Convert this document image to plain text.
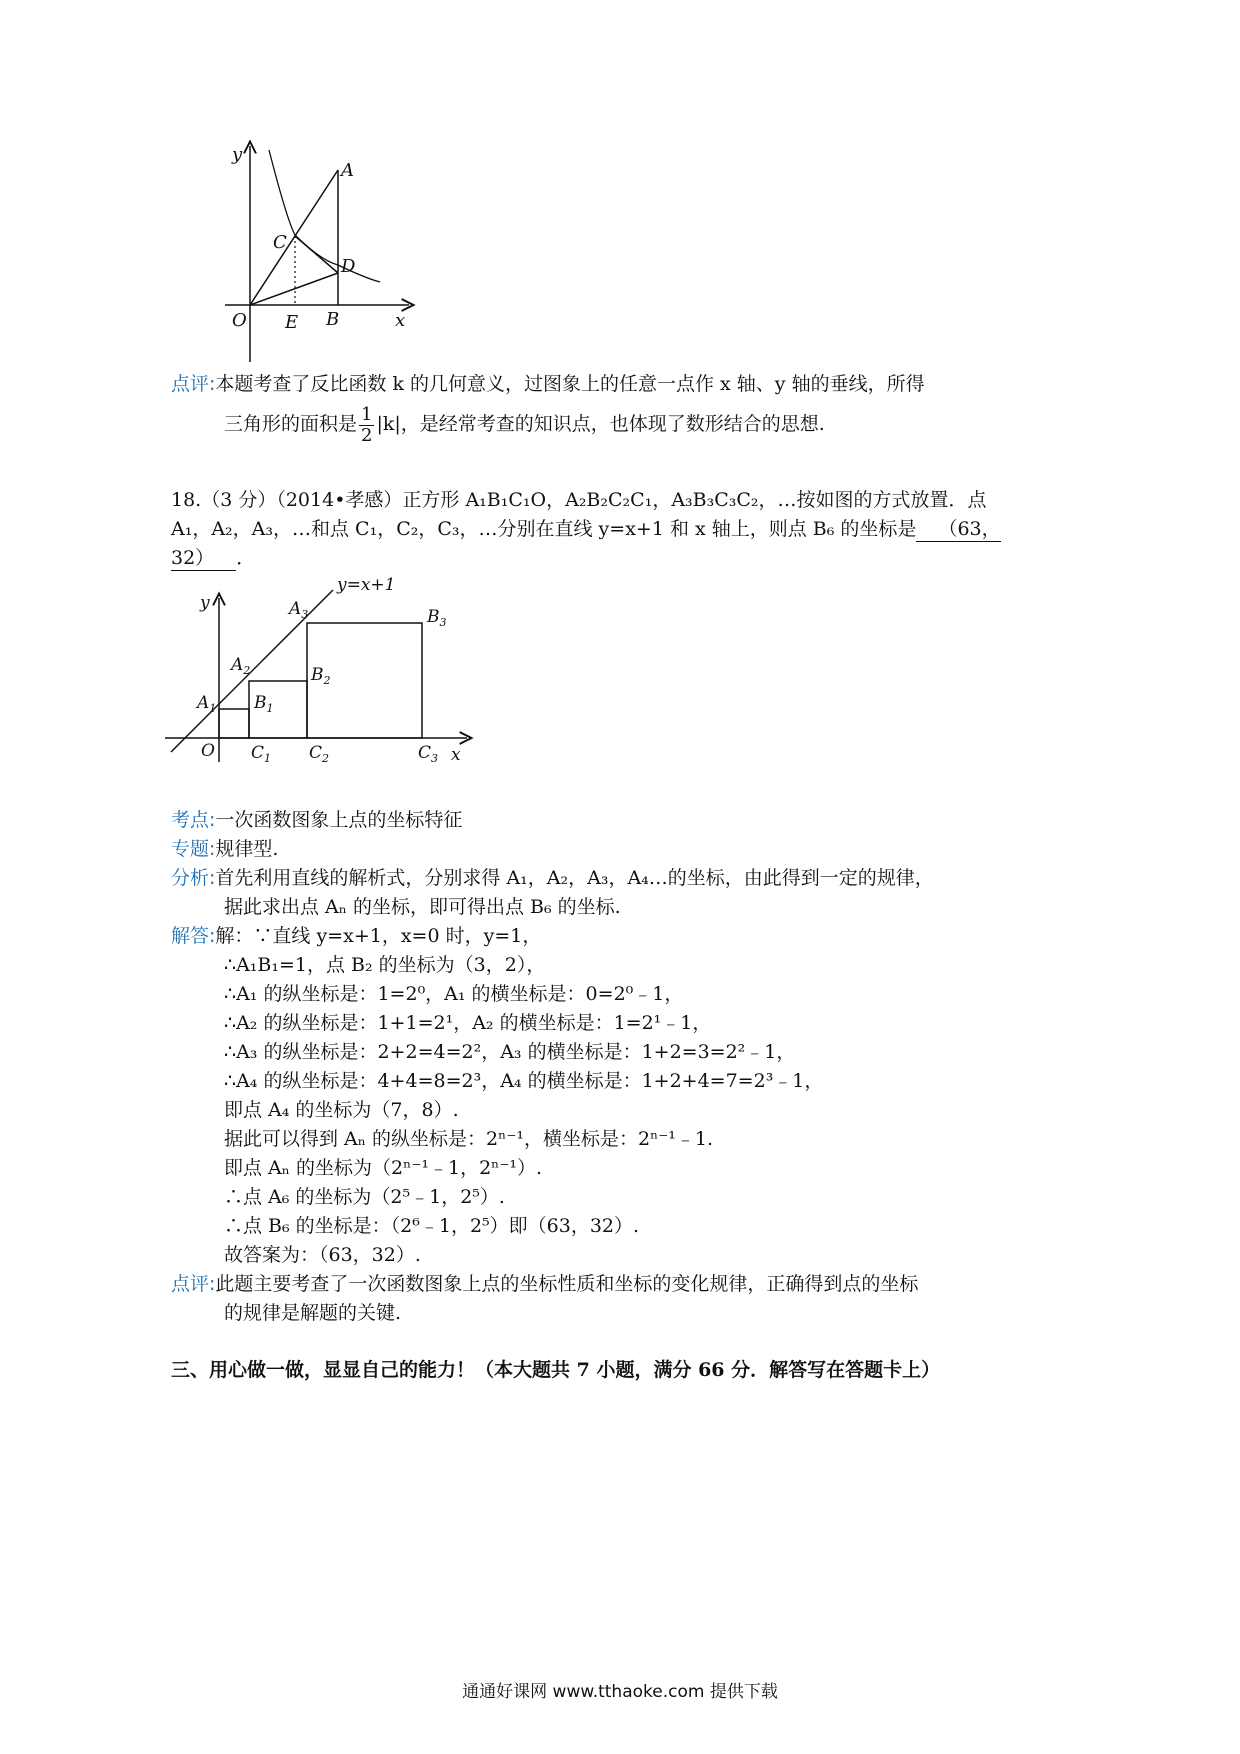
y
A
C
D
O E B	x
点评:本题考查了反比函数 k 的几何意义，过图象上的任意一点作 x 轴、y 轴的垂线，所得
三角形的面积是 $\frac{1}{2} |k|$，是经常考查的知识点，也体现了数形结合的思想.
18.（3 分）（2014•孝感）正方形 A₁B₁C₁O，A₂B₂C₂C₁，A₃B₃C₃C₂，…按如图的方式放置．点
A₁，A₂，A₃，…和点 C₁，C₂，C₃，…分别在直线 y=x+1 和 x 轴上，则点 B₆ 的坐标是 （63，
32） ．
y=x+1
y
x
O
$A_1$
$A_2$
$A_3$
$B_1$
$B_2$
$B_3$
$C_1$ $C_2$	$C_3$
考点:一次函数图象上点的坐标特征
专题:规律型.
分析:首先利用直线的解析式，分别求得 A₁，A₂，A₃，A₄…的坐标，由此得到一定的规律，
据此求出点 Aₙ 的坐标，即可得出点 B₆ 的坐标.
解答:解：∵直线 y=x+1，x=0 时，y=1，
∴A₁B₁=1，点 B₂ 的坐标为（3，2），
∴A₁ 的纵坐标是：1=2⁰，A₁ 的横坐标是：0=2⁰﹣1，
∴A₂ 的纵坐标是：1+1=2¹，A₂ 的横坐标是：1=2¹﹣1，
∴A₃ 的纵坐标是：2+2=4=2²，A₃ 的横坐标是：1+2=3=2²﹣1，
∴A₄ 的纵坐标是：4+4=8=2³，A₄ 的横坐标是：1+2+4=7=2³﹣1，
即点 A₄ 的坐标为（7，8）.
据此可以得到 Aₙ 的纵坐标是：2ⁿ⁻¹，横坐标是：2ⁿ⁻¹﹣1.
即点 Aₙ 的坐标为（2ⁿ⁻¹﹣1，2ⁿ⁻¹）.
∴点 A₆ 的坐标为（2⁵﹣1，2⁵）.
∴点 B₆ 的坐标是：（2⁶﹣1，2⁵）即（63，32）.
故答案为：（63，32）.
点评:此题主要考查了一次函数图象上点的坐标性质和坐标的变化规律，正确得到点的坐标
的规律是解题的关键.
三、用心做一做，显显自己的能力！（本大题共 7 小题，满分 66 分．解答写在答题卡上）
通通好课网 www.tthaoke.com 提供下载
